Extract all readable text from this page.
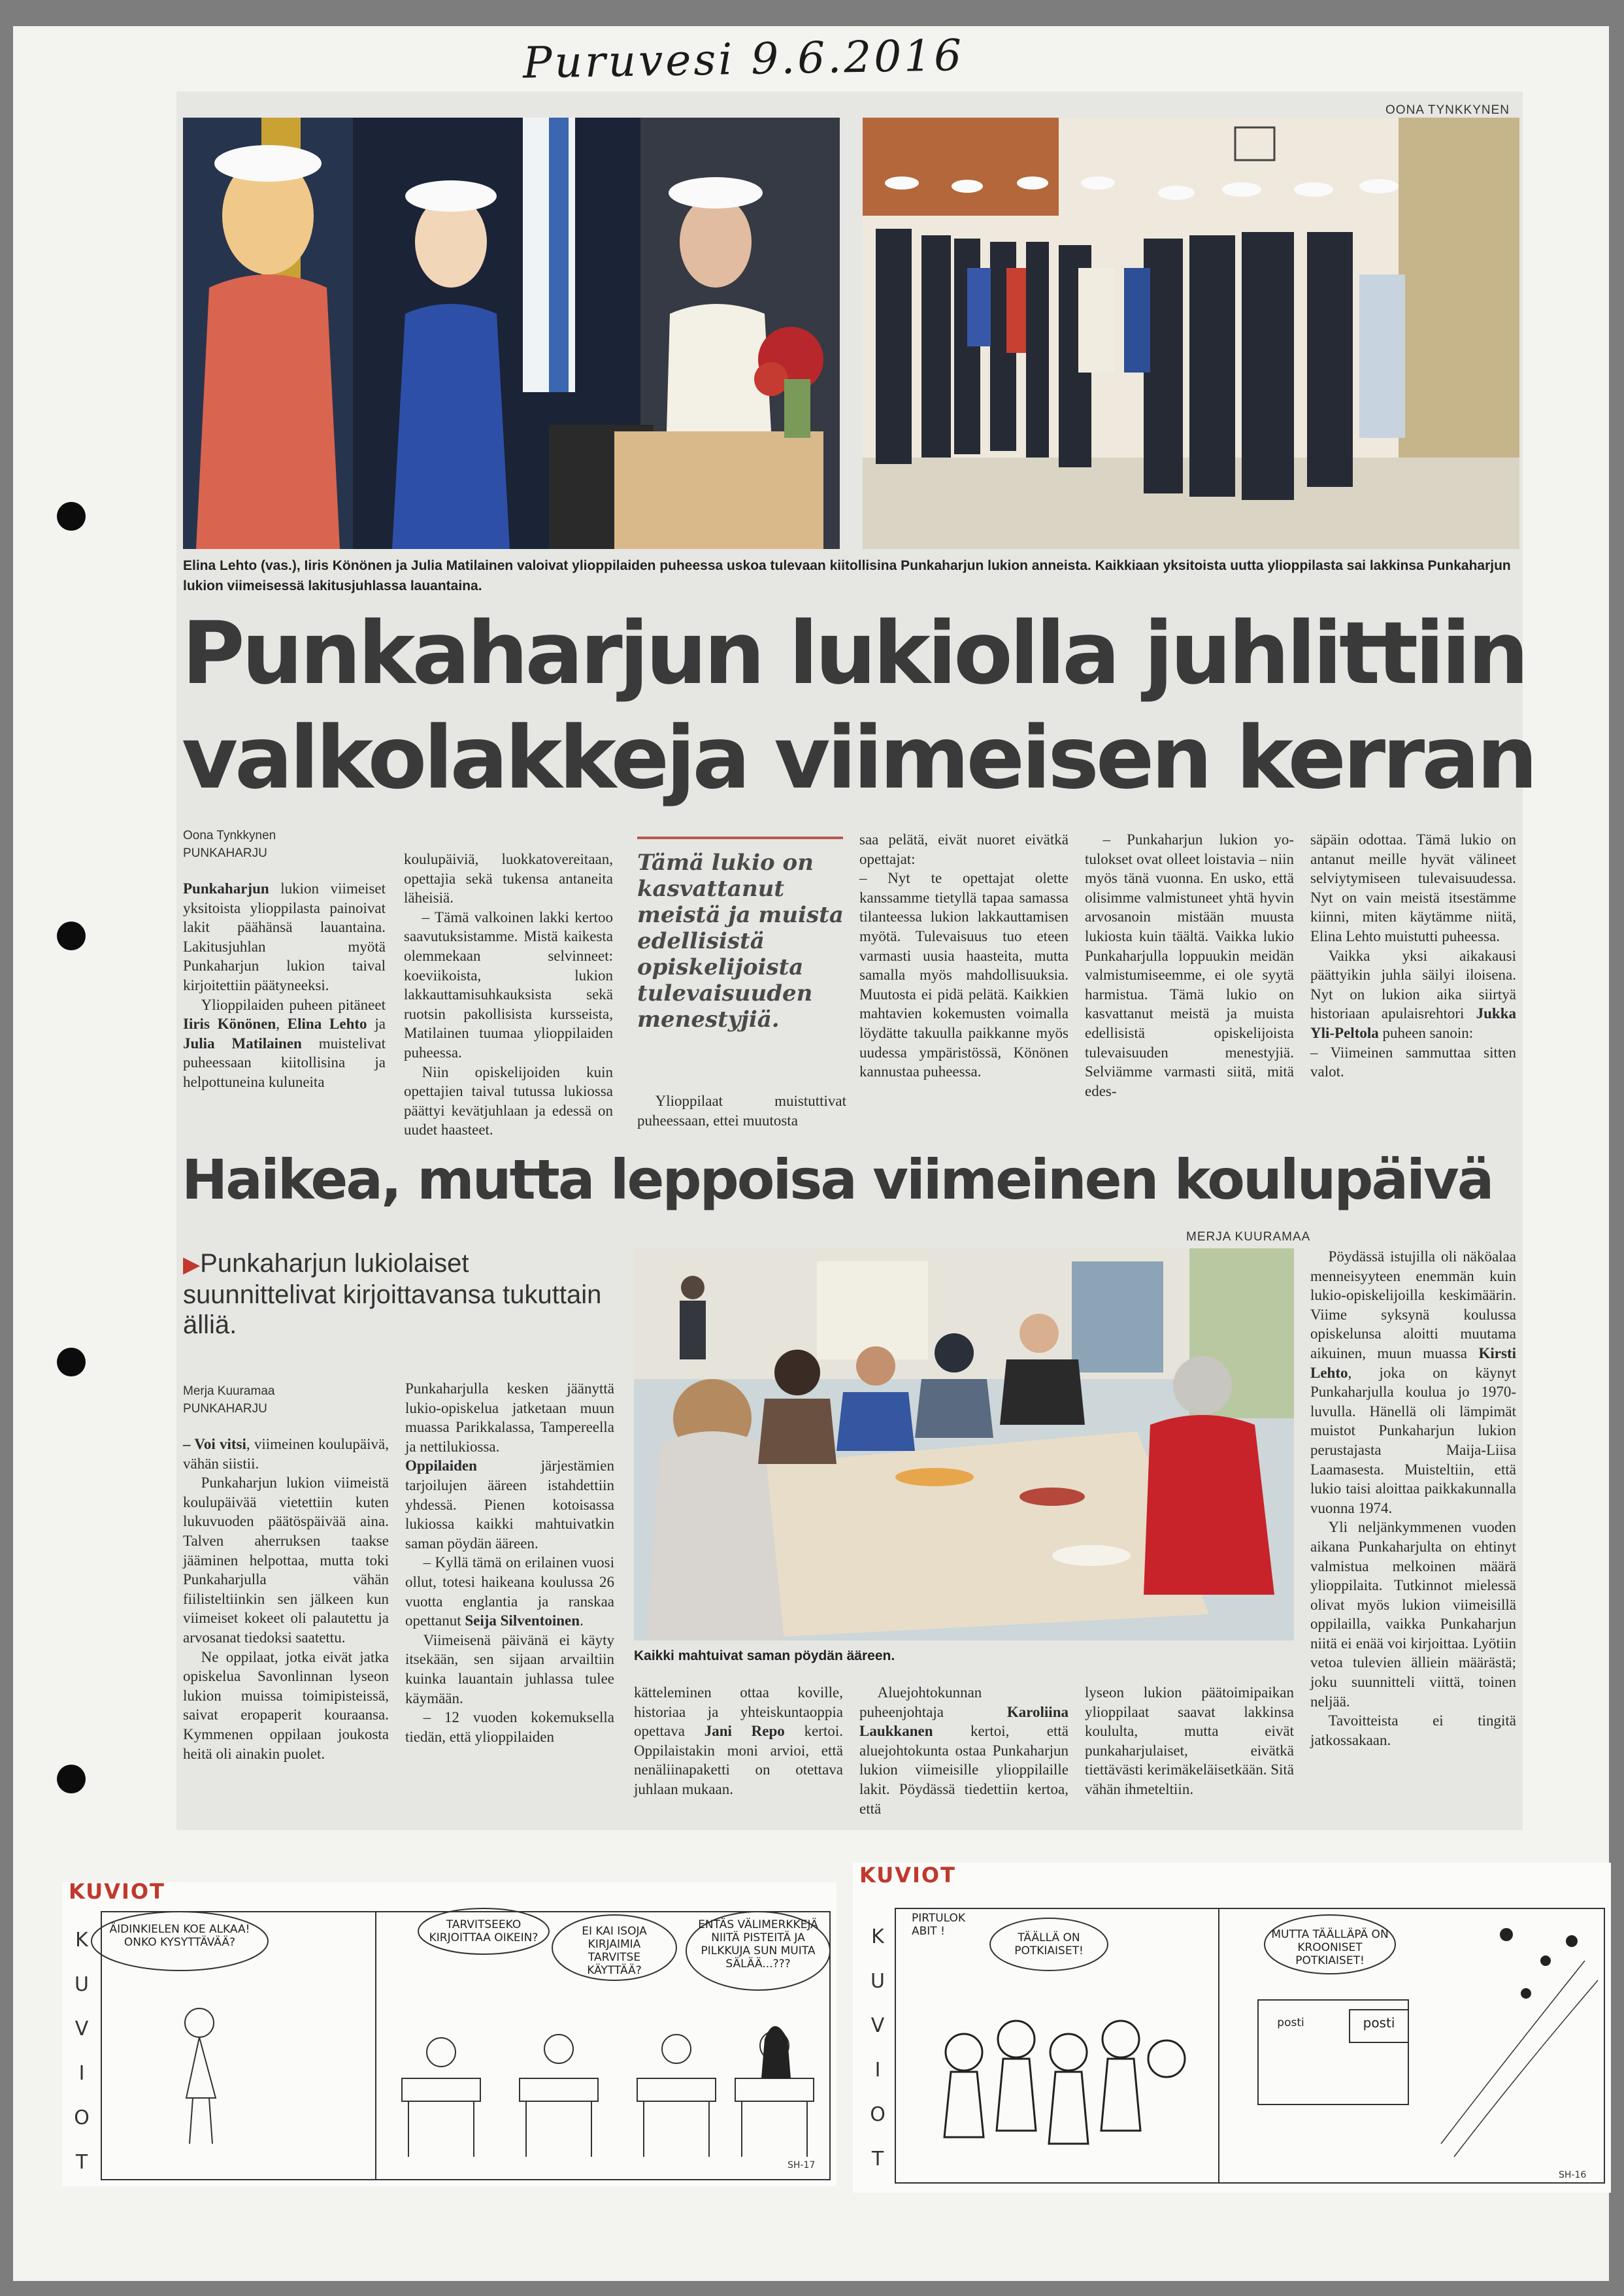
Puruvesi 9.6.2016
OONA TYNKKYNEN
Elina Lehto (vas.), Iiris Könönen ja Julia Matilainen valoivat ylioppilaiden puheessa uskoa tulevaan kiitollisina Punkaharjun lukion anneista. Kaikkiaan yksitoista uutta ylioppilasta sai lakkinsa Punkaharjun lukion viimeisessä lakitusjuhlassa lauantaina.
Punkaharjun lukiolla juhlittiin
valkolakkeja viimeisen kerran
Oona Tynkkynen
PUNKAHARJU

Punkaharjun lukion viimeiset yksitoista ylioppilasta painoivat lakit päähänsä lauantaina. Lakitusjuhlan myötä Punkaharjun lukion taival kirjoitettiin päätyneeksi.

Ylioppilaiden puheen pitäneet Iiris Könönen, Elina Lehto ja Julia Matilainen muistelivat puheessaan kiitollisina ja helpottuneina kuluneita

koulupäiviä, luokkatovereitaan, opettajia sekä tukensa antaneita läheisiä.

– Tämä valkoinen lakki kertoo saavutuksistamme. Mistä kaikesta olemmekaan selvinneet: koeviikoista, lukion lakkauttamisuhkauksista sekä ruotsin pakollisista kursseista, Matilainen tuumaa ylioppilaiden puheessa.

Niin opiskelijoiden kuin opettajien taival tutussa lukiossa päättyi kevätjuhlaan ja edessä on uudet haasteet.

Tämä lukio on kasvattanut meistä ja muista edellisistä opiskelijoista tulevaisuuden menestyjiä.

Ylioppilaat muistuttivat puheessaan, ettei muutosta

saa pelätä, eivät nuoret eivätkä opettajat:

– Nyt te opettajat olette kanssamme tietyllä tapaa samassa tilanteessa lukion lakkauttamisen myötä. Tulevaisuus tuo eteen varmasti uusia haasteita, mutta samalla myös mahdollisuuksia. Muutosta ei pidä pelätä. Kaikkien mahtavien kokemusten voimalla löydätte takuulla paikkanne myös uudessa ympäristössä, Könönen kannustaa puheessa.

– Punkaharjun lukion yo-tulokset ovat olleet loistavia – niin myös tänä vuonna. En usko, että olisimme valmistuneet yhtä hyvin arvosanoin mistään muusta lukiosta kuin täältä. Vaikka lukio Punkaharjulla loppuukin meidän valmistumiseemme, ei ole syytä harmistua. Tämä lukio on kasvattanut meistä ja muista edellisistä opiskelijoista tulevaisuuden menestyjiä. Selviämme varmasti siitä, mitä edes-

säpäin odottaa. Tämä lukio on antanut meille hyvät välineet selviytymiseen tulevaisuudessa. Nyt on vain meistä itsestämme kiinni, miten käytämme niitä, Elina Lehto muistutti puheessa.

Vaikka yksi aikakausi päättyikin juhla säilyi iloisena. Nyt on lukion aika siirtyä historiaan apulaisrehtori Jukka Yli-Peltola puheen sanoin:

– Viimeinen sammuttaa sitten valot.

Haikea, mutta leppoisa viimeinen koulupäivä
MERJA KUURAMAA
▶Punkaharjun lukiolaiset suunnittelivat kirjoittavansa tukuttain älliä.
Kaikki mahtuivat saman pöydän ääreen.
Merja Kuuramaa
PUNKAHARJU

– Voi vitsi, viimeinen koulupäivä, vähän siistii.

Punkaharjun lukion viimeistä koulupäivää vietettiin kuten lukuvuoden päätöspäivää aina. Talven aherruksen taakse jääminen helpottaa, mutta toki Punkaharjulla vähän fiilisteltiinkin sen jälkeen kun viimeiset kokeet oli palautettu ja arvosanat tiedoksi saatettu.

Ne oppilaat, jotka eivät jatka opiskelua Savonlinnan lyseon lukion muissa toimipisteissä, saivat eropaperit kouraansa. Kymmenen oppilaan joukosta heitä oli ainakin puolet.

Punkaharjulla kesken jäänyttä lukio-opiskelua jatketaan muun muassa Parikkalassa, Tampereella ja nettilukiossa.

Oppilaiden	järjestämien tarjoilujen ääreen istahdettiin yhdessä. Pienen kotoisassa lukiossa kaikki mahtuivatkin saman pöydän ääreen.

– Kyllä tämä on erilainen vuosi ollut, totesi haikeana koulussa 26 vuotta englantia ja ranskaa opettanut Seija Silventoinen.

Viimeisenä päivänä ei käyty itsekään, sen sijaan arvailtiin kuinka lauantain juhlassa tulee käymään.

– 12 vuoden kokemuksella tiedän, että ylioppilaiden

kätteleminen ottaa koville, historiaa ja yhteiskuntaoppia opettava Jani Repo kertoi. Oppilaistakin moni arvioi, että nenäliinapaketti on otettava juhlaan mukaan.

Aluejohtokunnan puheenjohtaja	Karoliina Laukkanen kertoi, että aluejohtokunta ostaa Punkaharjun lukion viimeisille ylioppilaille lakit. Pöydässä tiedettiin kertoa, että

lyseon lukion päätoimipaikan ylioppilaat saavat lakkinsa koululta, mutta eivät punkaharjulaiset, eivätkä tiettävästi kerimäkeläisetkään. Sitä vähän ihmeteltiin.

Pöydässä istujilla oli näköalaa menneisyyteen enemmän kuin lukio-opiskelijoilla keskimäärin. Viime syksynä koulussa opiskelunsa aloitti muutama aikuinen, muun muassa Kirsti Lehto, joka on käynyt Punkaharjulla koulua jo 1970-luvulla. Hänellä oli lämpimät muistot Punkaharjun lukion perustajasta Maija-Liisa Laamasesta. Muisteltiin, että lukio taisi aloittaa paikkakunnalla vuonna 1974.

Yli neljänkymmenen vuoden aikana Punkaharjulta on ehtinyt valmistua melkoinen määrä ylioppilaita. Tutkinnot mielessä olivat myös lukion viimeisillä oppilailla, vaikka Punkaharjun niitä ei enää voi kirjoittaa. Lyötiin vetoa tulevien älliein määrästä; joku suunnitteli viittä, toinen neljää.

Tavoitteista ei tingitä jatkossakaan.

KUVIOT
K
U
V
I
O
T
ÄIDINKIELEN KOE ALKAA! ONKO KYSYTTÄVÄÄ?
TARVITSEEKO KIRJOITTAA OIKEIN?	EI KAI ISOJA KIRJAIMIA TARVITSE KÄYTTÄÄ?
ENTÄS VÄLIMERKKEJÄ NIITÄ PISTEITÄ JA PILKKUJA SUN MUITA SÄLÄÄ...???
SH-17
KUVIOT
K
U
V
I
O
T
PIRTULOK ABIT !	TÄÄLLÄ ON POTKIAISET!
MUTTA TÄÄLLÄPÄ ON KROONISET POTKIAISET!
posti	posti
SH-16
